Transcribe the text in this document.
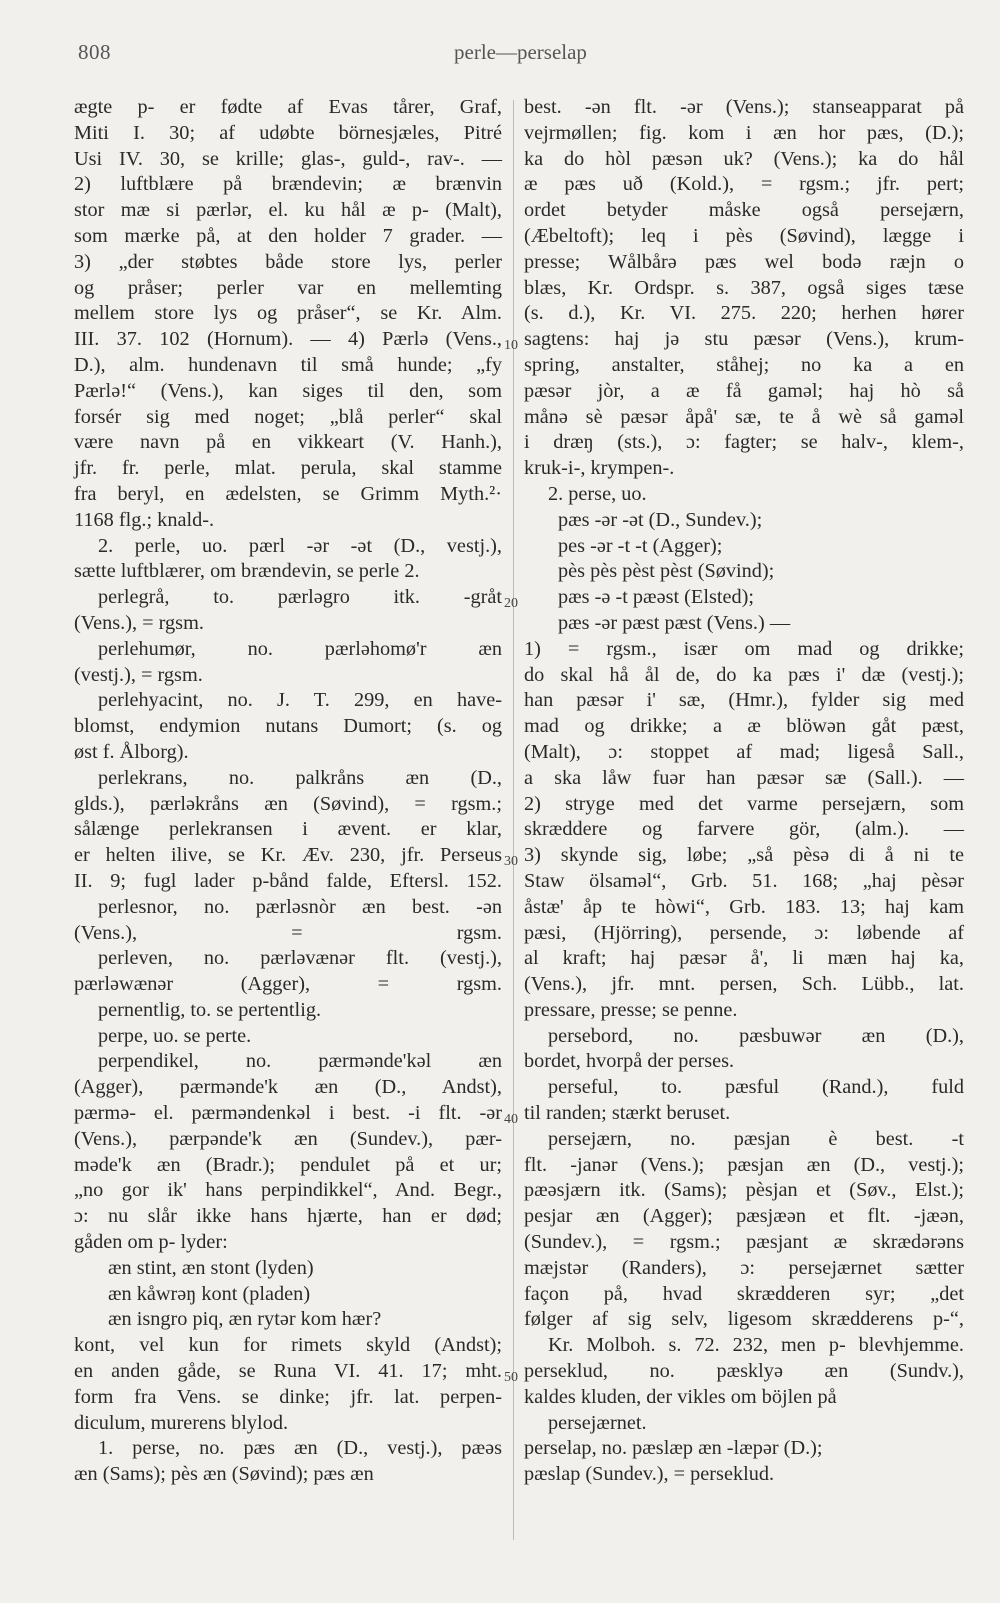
808	perle—perselap
10
20
30
40
50
ægte p- er fødte af Evas tårer, Graf,
Miti I. 30; af udøbte börnesjæles, Pitré
Usi IV. 30, se krille; glas-, guld-, rav-. —
2) luftblære på brændevin; æ brænvin
stor mæ si pærlər, el. ku hål æ p- (Malt),
som mærke på, at den holder 7 grader. —
3) „der støbtes både store lys, perler
og pråser; perler var en mellemting
mellem store lys og pråser“, se Kr. Alm.
III. 37. 102 (Hornum). — 4) Pærlə (Vens.,
D.), alm. hundenavn til små hunde; „fy
Pærlə!“ (Vens.), kan siges til den, som
forsér sig med noget; „blå perler“ skal
være navn på en vikkeart (V. Hanh.),
jfr. fr. perle, mlat. perula, skal stamme
fra beryl, en ædelsten, se Grimm Myth.²·
1168 flg.; knald-.
2. perle, uo. pærl -ər -ət (D., vestj.),
sætte luftblærer, om brændevin, se perle 2.
perlegrå, to. pærləgro itk. -gråt
(Vens.), = rgsm.
perlehumør, no. pærləhomø'r æn
(vestj.), = rgsm.
perlehyacint, no. J. T. 299, en have-
blomst, endymion nutans Dumort; (s. og
øst f. Ålborg).
perlekrans, no. palkråns æn (D.,
glds.), pærləkråns æn (Søvind), = rgsm.;
sålænge perlekransen i ævent. er klar,
er helten ilive, se Kr. Æv. 230, jfr. Perseus
II. 9; fugl lader p-bånd falde, Eftersl. 152.
perlesnor, no. pærləsnòr æn best. -ən
(Vens.), = rgsm.
perleven, no. pærləvænər flt. (vestj.),
pærləwænər (Agger), = rgsm.
pernentlig, to. se pertentlig.
perpe, uo. se perte.
perpendikel, no. pærmənde'kəl æn
(Agger), pærmənde'k æn (D., Andst),
pærmə- el. pærməndenkəl i best. -i flt. -ər
(Vens.), pærpənde'k æn (Sundev.), pær-
məde'k æn (Bradr.); pendulet på et ur;
„no gor ik' hans perpindikkel“, And. Begr.,
ɔ: nu slår ikke hans hjærte, han er død;
gåden om p- lyder:
æn stint, æn stont (lyden)
æn kåwrəŋ kont (pladen)
æn isngro piq, æn rytər kom hær?
kont, vel kun for rimets skyld (Andst);
en anden gåde, se Runa VI. 41. 17; mht.
form fra Vens. se dinke; jfr. lat. perpen-
diculum, murerens blylod.
1. perse, no. pæs æn (D., vestj.), pæəs
æn (Sams); pès æn (Søvind); pæs æn
best. -ən flt. -ər (Vens.); stanseapparat på
vejrmøllen; fig. kom i æn hor pæs, (D.);
ka do hòl pæsən uk? (Vens.); ka do hål
æ pæs uð (Kold.), = rgsm.; jfr. pert;
ordet betyder måske også persejærn,
(Æbeltoft); leq i pès (Søvind), lægge i
presse; Wålbårə pæs wel bodə ræjn o
blæs, Kr. Ordspr. s. 387, også siges tæse
(s. d.), Kr. VI. 275. 220; herhen hører
sagtens: haj jə stu pæsər (Vens.), krum-
spring, anstalter, ståhej; no ka a en
pæsər jòr, a æ få gaməl; haj hò så
månə sè pæsər åpå' sæ, te å wè så gaməl
i dræŋ (sts.), ɔ: fagter; se halv-, klem-,
kruk-i-, krympen-.
2. perse, uo.
pæs -ər -ət (D., Sundev.);
pes -ər -t -t (Agger);
pès pès pèst pèst (Søvind);
pæs -ə -t pæəst (Elsted);
pæs -ər pæst pæst (Vens.) —
1) = rgsm., især om mad og drikke;
do skal hå ål de, do ka pæs i' dæ (vestj.);
han pæsər i' sæ, (Hmr.), fylder sig med
mad og drikke; a æ blöwən gåt pæst,
(Malt), ɔ: stoppet af mad; ligeså Sall.,
a ska låw fuər han pæsər sæ (Sall.). —
2) stryge med det varme persejærn, som
skræddere og farvere gör, (alm.). —
3) skynde sig, løbe; „så pèsə di å ni te
Staw ölsaməl“, Grb. 51. 168; „haj pèsər
åstæ' åp te hòwi“, Grb. 183. 13; haj kam
pæsi, (Hjörring), persende, ɔ: løbende af
al kraft; haj pæsər å', li mæn haj ka,
(Vens.), jfr. mnt. persen, Sch. Lübb., lat.
pressare, presse; se penne.
persebord, no. pæsbuwər æn (D.),
bordet, hvorpå der perses.
perseful, to. pæsful (Rand.), fuld
til randen; stærkt beruset.
persejærn, no. pæsjan è best. -t
flt. -janər (Vens.); pæsjan æn (D., vestj.);
pæəsjærn itk. (Sams); pèsjan et (Søv., Elst.);
pesjar æn (Agger); pæsjæən et flt. -jæən,
(Sundev.), = rgsm.; pæsjant æ skrædərəns
mæjstər (Randers), ɔ: persejærnet sætter
façon på, hvad skrædderen syr; „det
følger af sig selv, ligesom skrædderens p-“,
Kr. Molboh. s. 72. 232, men p- blevhjemme.
perseklud, no. pæsklyə æn (Sundv.),
kaldes kluden, der vikles om böjlen på
persejærnet.
perselap, no. pæslæp æn -læpər (D.);
pæslap (Sundev.), = perseklud.
